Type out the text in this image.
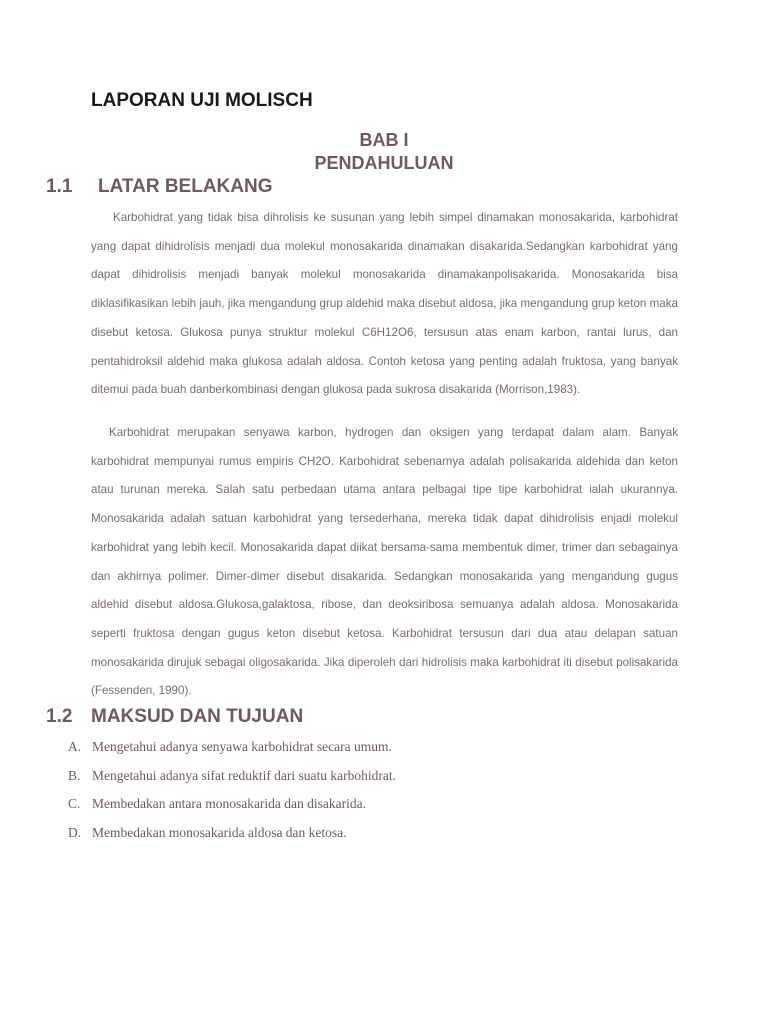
LAPORAN UJI MOLISCH
BAB I
PENDAHULUAN
1.1 LATAR BELAKANG

Karbohidrat yang tidak bisa dihrolisis ke susunan yang lebih simpel dinamakan monosakarida, karbohidrat yang dapat dihidrolisis menjadi dua molekul monosakarida dinamakan disakarida.Sedangkan karbohidrat yang dapat dihidrolisis menjadi banyak molekul monosakarida dinamakanpolisakarida. Monosakarida bisa diklasifikasikan lebih jauh, jika mengandung grup aldehid maka disebut aldosa, jika mengandung grup keton maka disebut ketosa. Glukosa punya struktur molekul C6H12O6, tersusun atas enam karbon, rantai lurus, dan pentahidroksil aldehid maka glukosa adalah aldosa. Contoh ketosa yang penting adalah fruktosa, yang banyak ditemui pada buah danberkombinasi dengan glukosa pada sukrosa disakarida (Morrison,1983).

Karbohidrat merupakan senyawa karbon, hydrogen dan oksigen yang terdapat dalam alam. Banyak karbohidrat mempunyai rumus empiris CH2O. Karbohidrat sebenarnya adalah polisakarida aldehida dan keton atau turunan mereka. Salah satu perbedaan utama antara pelbagai tipe tipe karbohidrat ialah ukurannya. Monosakarida adalah satuan karbohidrat yang tersederhana, mereka tidak dapat dihidrolisis enjadi molekul karbohidrat yang lebih kecil. Monosakarida dapat diikat bersama-sama membentuk dimer, trimer dan sebagainya dan akhirnya polimer. Dimer-dimer disebut disakarida. Sedangkan monosakarida yang mengandung gugus aldehid disebut aldosa.Glukosa,galaktosa, ribose, dan deoksiribosa semuanya adalah aldosa. Monosakarida seperti fruktosa dengan gugus keton disebut ketosa. Karbohidrat tersusun dari dua atau delapan satuan monosakarida dirujuk sebagai oligosakarida. Jika diperoleh dari hidrolisis maka karbohidrat iti disebut polisakarida (Fessenden, 1990).

1.2 MAKSUD DAN TUJUAN
A. Mengetahui adanya senyawa karbohidrat secara umum.
B. Mengetahui adanya sifat reduktif dari suatu karbohidrat.
C. Membedakan antara monosakarida dan disakarida.
D. Membedakan monosakarida aldosa dan ketosa.
